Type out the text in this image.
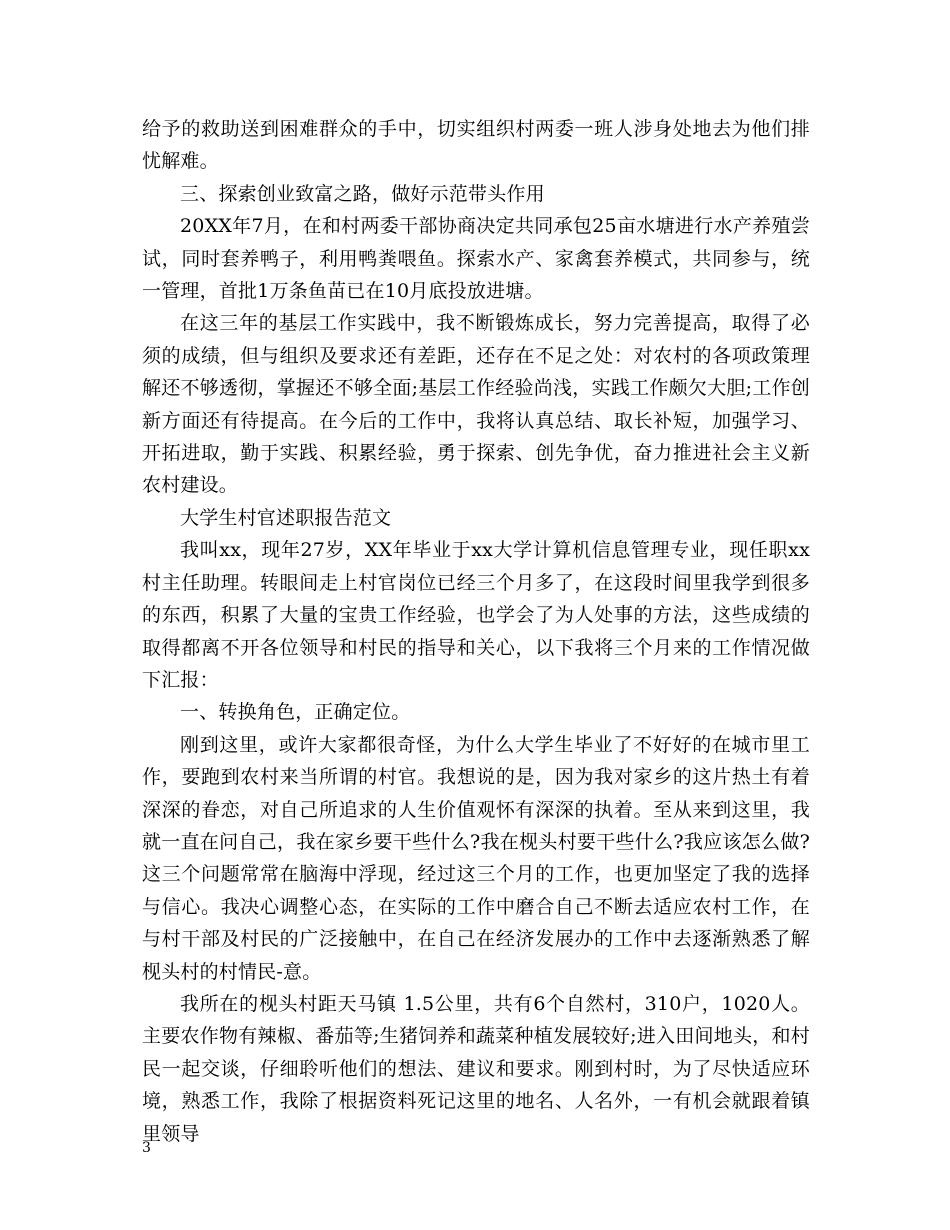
给予的救助送到困难群众的手中，切实组织村两委一班人涉身处地去为他们排忧解难。

三、探索创业致富之路，做好示范带头作用

20XX年7月，在和村两委干部协商决定共同承包25亩水塘进行水产养殖尝试，同时套养鸭子，利用鸭粪喂鱼。探索水产、家禽套养模式，共同参与，统一管理，首批1万条鱼苗已在10月底投放进塘。

在这三年的基层工作实践中，我不断锻炼成长，努力完善提高，取得了必须的成绩，但与组织及要求还有差距，还存在不足之处：对农村的各项政策理解还不够透彻，掌握还不够全面;基层工作经验尚浅，实践工作颇欠大胆;工作创新方面还有待提高。在今后的工作中，我将认真总结、取长补短，加强学习、开拓进取，勤于实践、积累经验，勇于探索、创先争优，奋力推进社会主义新农村建设。

大学生村官述职报告范文

我叫xx，现年27岁，XX年毕业于xx大学计算机信息管理专业，现任职xx村主任助理。转眼间走上村官岗位已经三个月多了，在这段时间里我学到很多的东西，积累了大量的宝贵工作经验，也学会了为人处事的方法，这些成绩的取得都离不开各位领导和村民的指导和关心，以下我将三个月来的工作情况做下汇报：

一、转换角色，正确定位。

刚到这里，或许大家都很奇怪，为什么大学生毕业了不好好的在城市里工作，要跑到农村来当所谓的村官。我想说的是，因为我对家乡的这片热土有着深深的眷恋，对自己所追求的人生价值观怀有深深的执着。至从来到这里，我就一直在问自己，我在家乡要干些什么?我在枧头村要干些什么?我应该怎么做?这三个问题常常在脑海中浮现，经过这三个月的工作，也更加坚定了我的选择与信心。我决心调整心态，在实际的工作中磨合自己不断去适应农村工作，在与村干部及村民的广泛接触中，在自己在经济发展办的工作中去逐渐熟悉了解枧头村的村情民-意。

我所在的枧头村距天马镇 1.5公里，共有6个自然村，310户，1020人。主要农作物有辣椒、番茄等;生猪饲养和蔬菜种植发展较好;进入田间地头，和村民一起交谈，仔细聆听他们的想法、建议和要求。刚到村时，为了尽快适应环境，熟悉工作，我除了根据资料死记这里的地名、人名外，一有机会就跟着镇里领导

3
